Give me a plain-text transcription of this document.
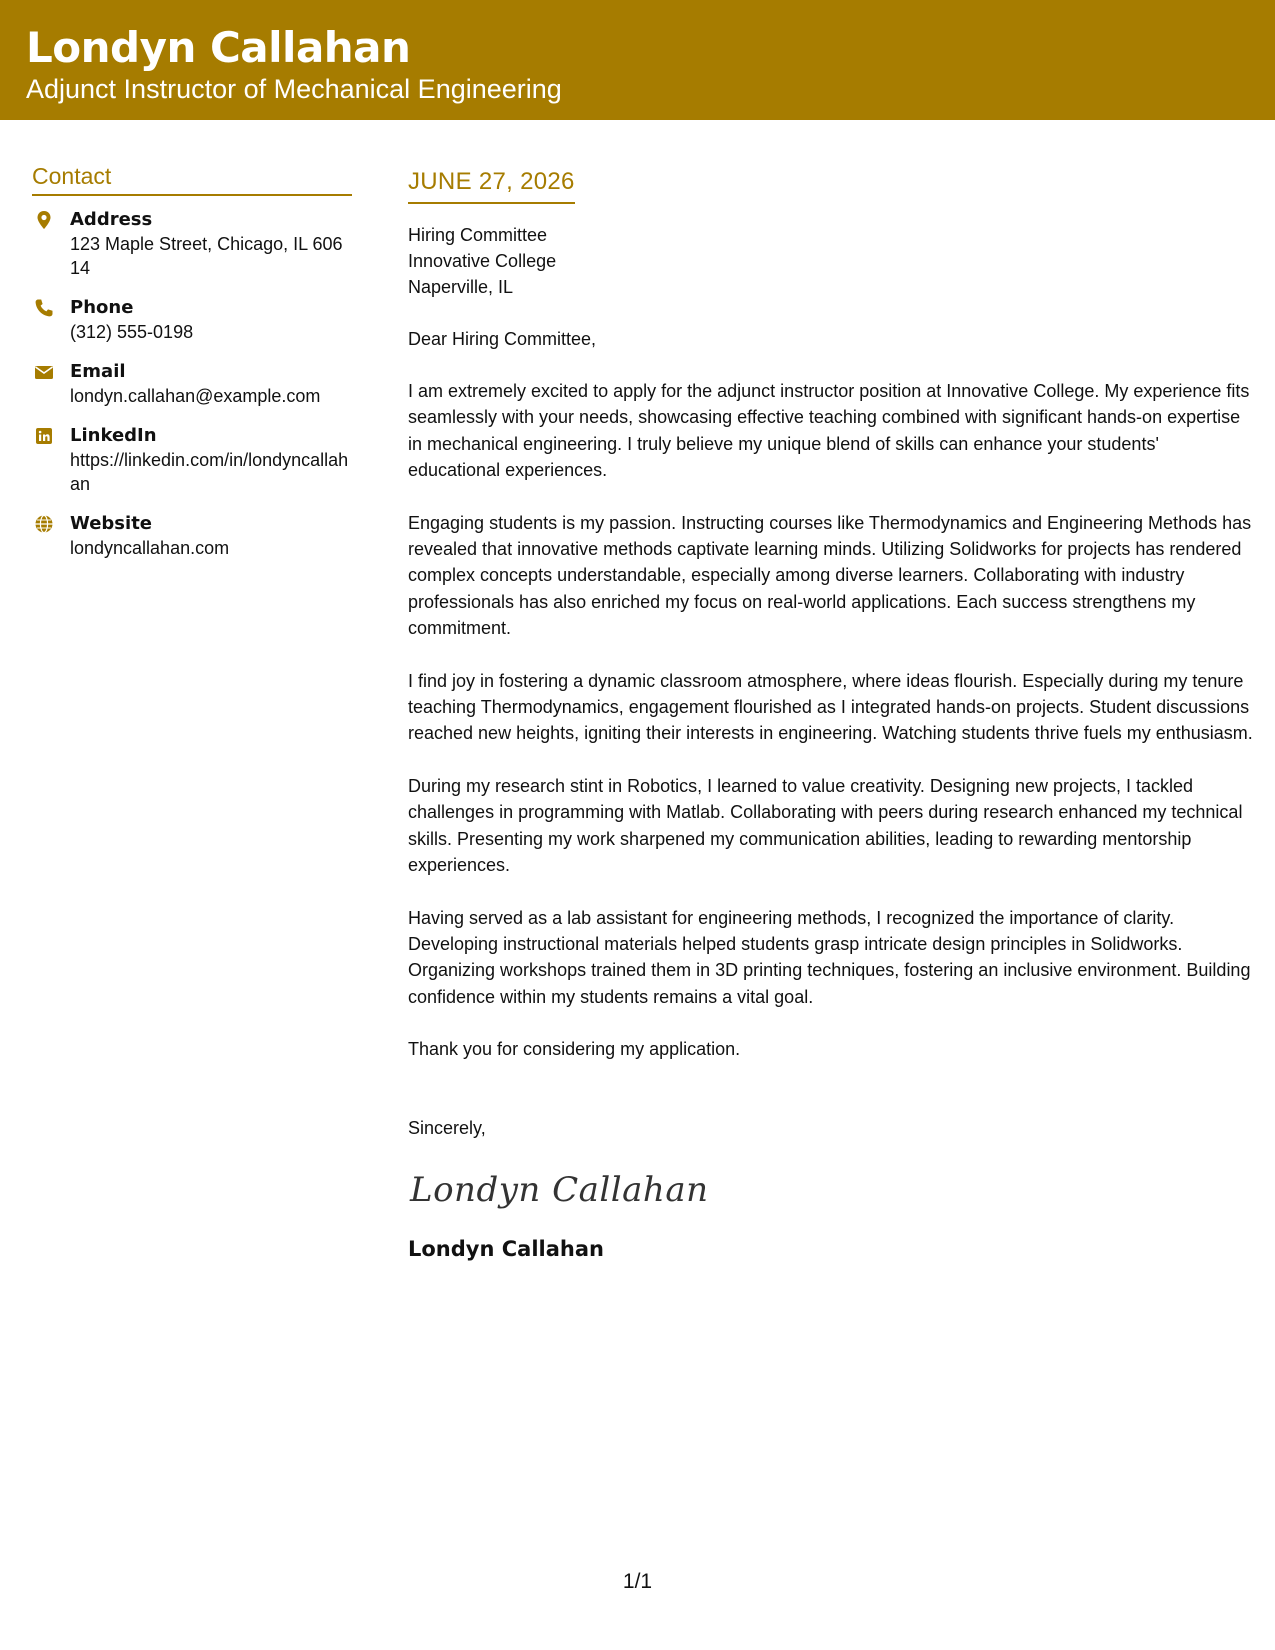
Londyn Callahan
Adjunct Instructor of Mechanical Engineering
Contact
Address
123 Maple Street, Chicago, IL 60614
Phone
(312) 555-0198
Email
londyn.callahan@example.com
LinkedIn
https://linkedin.com/in/londyncallahan
Website
londyncallahan.com
JUNE 27, 2026
Hiring Committee
Innovative College
Naperville, IL
Dear Hiring Committee,
I am extremely excited to apply for the adjunct instructor position at Innovative College. My experience fits seamlessly with your needs, showcasing effective teaching combined with significant hands-on expertise in mechanical engineering. I truly believe my unique blend of skills can enhance your students' educational experiences.
Engaging students is my passion. Instructing courses like Thermodynamics and Engineering Methods has revealed that innovative methods captivate learning minds. Utilizing Solidworks for projects has rendered complex concepts understandable, especially among diverse learners. Collaborating with industry professionals has also enriched my focus on real-world applications. Each success strengthens my commitment.
I find joy in fostering a dynamic classroom atmosphere, where ideas flourish. Especially during my tenure teaching Thermodynamics, engagement flourished as I integrated hands-on projects. Student discussions reached new heights, igniting their interests in engineering. Watching students thrive fuels my enthusiasm.
During my research stint in Robotics, I learned to value creativity. Designing new projects, I tackled challenges in programming with Matlab. Collaborating with peers during research enhanced my technical skills. Presenting my work sharpened my communication abilities, leading to rewarding mentorship experiences.
Having served as a lab assistant for engineering methods, I recognized the importance of clarity. Developing instructional materials helped students grasp intricate design principles in Solidworks. Organizing workshops trained them in 3D printing techniques, fostering an inclusive environment. Building confidence within my students remains a vital goal.
Thank you for considering my application.
Sincerely,
Londyn Callahan
Londyn Callahan
1/1
